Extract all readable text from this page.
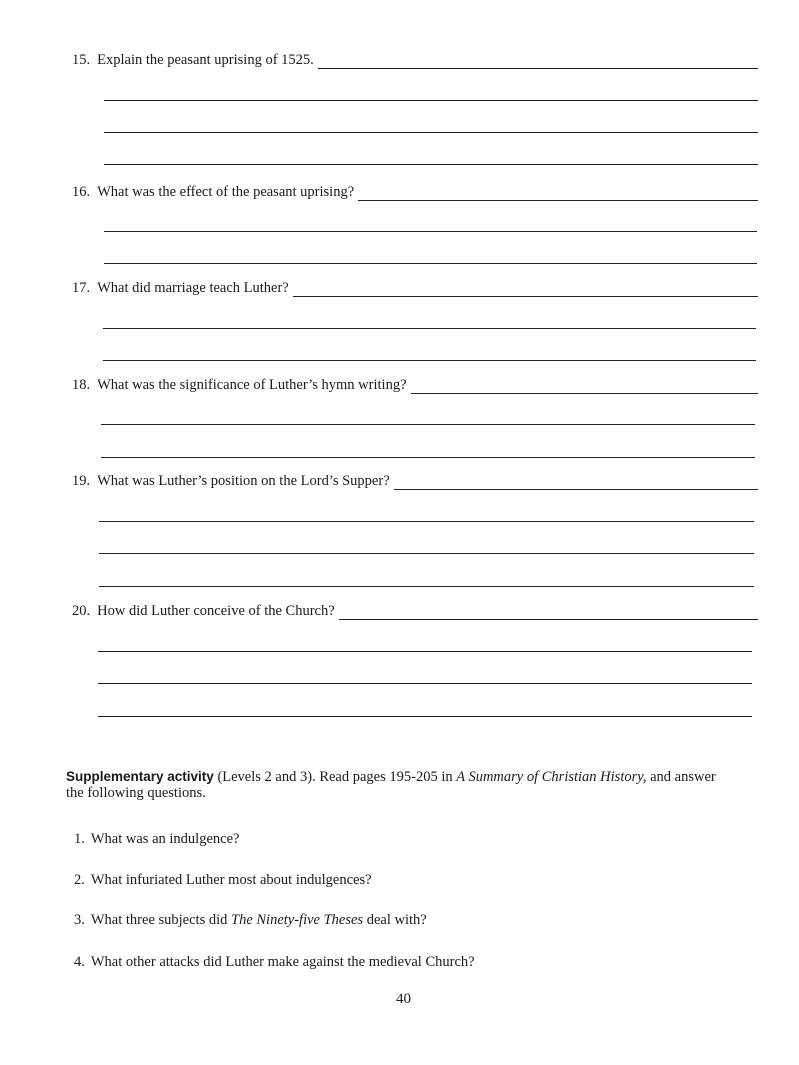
15. Explain the peasant uprising of 1525.
16. What was the effect of the peasant uprising?
17. What did marriage teach Luther?
18. What was the significance of Luther’s hymn writing?
19. What was Luther’s position on the Lord’s Supper?
20. How did Luther conceive of the Church?
Supplementary activity (Levels 2 and 3). Read pages 195-205 in A Summary of Christian History, and answer the following questions.
1. What was an indulgence?
2. What infuriated Luther most about indulgences?
3. What three subjects did The Ninety-five Theses deal with?
4. What other attacks did Luther make against the medieval Church?
40
